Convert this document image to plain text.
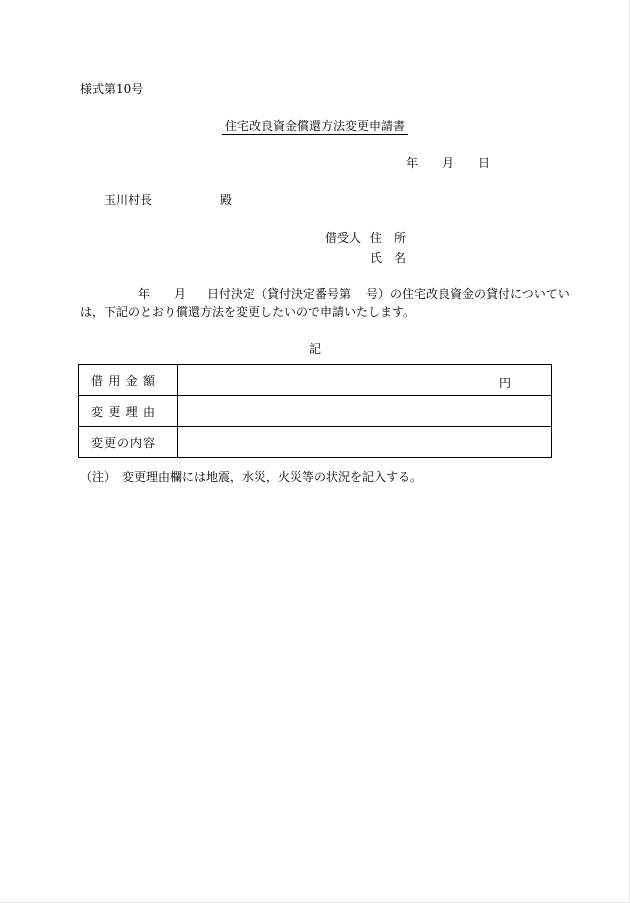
様式第10号
住宅改良資金償還方法変更申請書
年 月 日
玉川村長	殿
借受人 住 所
氏 名
年 月 日付決定（貸付決定番号第 号）の住宅改良資金の貸付についてい
は，下記のとおり償還方法を変更したいので申請いたします。
記
借 用 金 額	円

変 更 理 由	

変 更 の 内 容	

（注）　変更理由欄には地震，水災，火災等の状況を記入する。
